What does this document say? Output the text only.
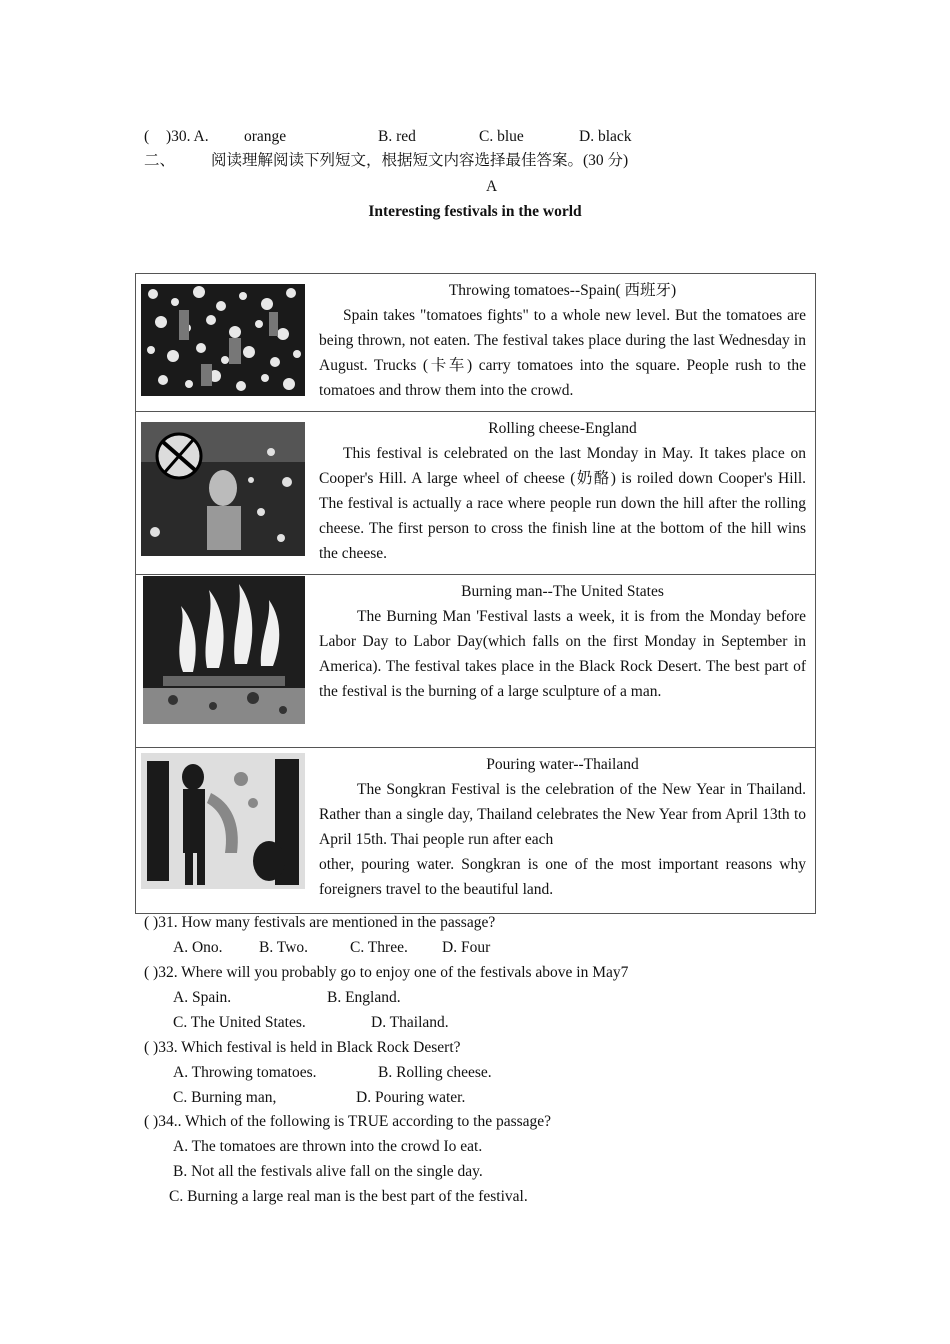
( )30. A. orange	B. red	C. blue	D. black
二、 阅读理解阅读下列短文，根据短文内容选择最佳答案。(30 分)
A
Interesting festivals in the world

Throwing tomatoes--Spain( 西班牙)
Spain takes "tomatoes fights" to a whole new level. But the tomatoes are being thrown, not eaten. The festival takes place during the last Wednesday in August. Trucks (卡车) carry tomatoes into the square. People rush to the tomatoes and throw them into the crowd.

Rolling cheese-England
This festival is celebrated on the last Monday in May. It takes place on Cooper's Hill. A large wheel of cheese (奶酪) is roiled down Cooper's Hill. The festival is actually a race where people run down the hill after the rolling cheese. The first person to cross the finish line at the bottom of the hill wins the cheese.

Burning man--The United States
The Burning Man 'Festival lasts a week, it is from the Monday before Labor Day to Labor Day(which falls on the first Monday in September in America). The festival takes place in the Black Rock Desert. The best part of the festival is the burning of a large sculpture of a man.

Pouring water--Thailand
The Songkran Festival is the celebration of the New Year in Thailand. Rather than a single day, Thailand celebrates the New Year from April 13th to April 15th. Thai people run after each
other, pouring water. Songkran is one of the most important reasons why foreigners travel to the beautiful land.
( )31. How many festivals are mentioned in the passage?
A. Ono. B. Two.	C. Three. D. Four
( )32. Where will you probably go to enjoy one of the festivals above in May7
A. Spain.	B. England.
C. The United States.	D. Thailand.
( )33. Which festival is held in Black Rock Desert?
A. Throwing tomatoes.	B. Rolling cheese.
C. Burning man,	D. Pouring water.
( )34.. Which of the following is TRUE according to the passage?
A. The tomatoes are thrown into the crowd Io eat.
B. Not all the festivals alive fall on the single day.
C. Burning a large real man is the best part of the festival.
